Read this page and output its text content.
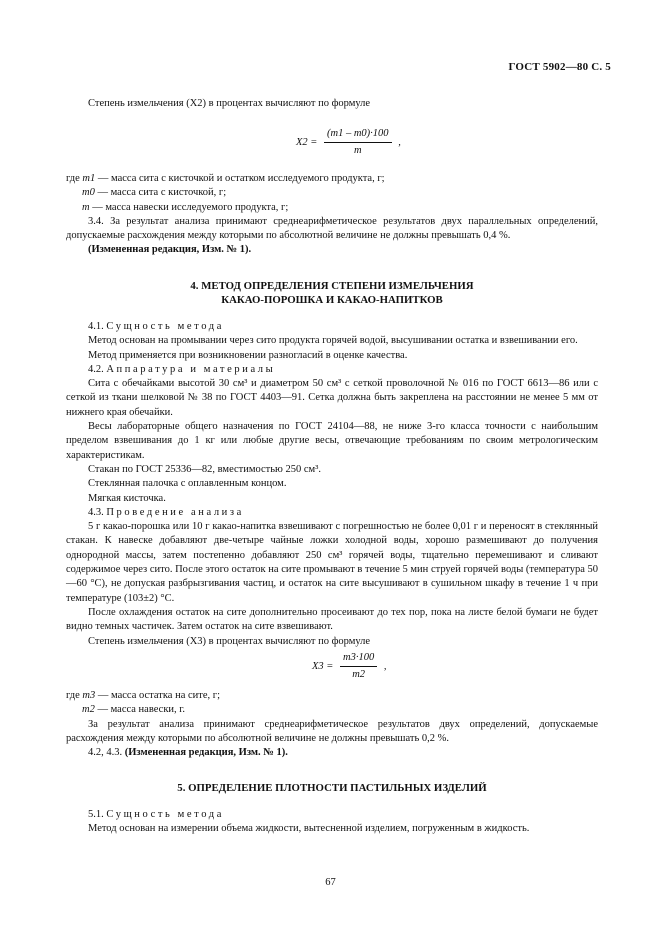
ГОСТ 5902—80 С. 5

Степень измельчения (X2) в процентах вычисляют по формуле

$X2 = \frac{(m1 - m0)\cdot 100}{m}$ ,

где m1 — масса сита с кисточкой и остатком исследуемого продукта, г;

m0 — масса сита с кисточкой, г;

m — масса навески исследуемого продукта, г;

3.4. За результат анализа принимают среднеарифметическое результатов двух параллельных определений, допускаемые расхождения между которыми по абсолютной величине не должны превышать 0,4 %.

(Измененная редакция, Изм. № 1).

4. МЕТОД ОПРЕДЕЛЕНИЯ СТЕПЕНИ ИЗМЕЛЬЧЕНИЯ
КАКАО-ПОРОШКА И КАКАО-НАПИТКОВ

4.1. Сущность метода

Метод основан на промывании через сито продукта горячей водой, высушивании остатка и взвешивании его.

Метод применяется при возникновении разногласий в оценке качества.

4.2. Аппаратура и материалы

Сита с обечайками высотой 30 см³ и диаметром 50 см³ с сеткой проволочной № 016 по ГОСТ 6613—86 или с сеткой из ткани шелковой № 38 по ГОСТ 4403—91. Сетка должна быть закреплена на расстоянии не менее 5 мм от нижнего края обечайки.

Весы лабораторные общего назначения по ГОСТ 24104—88, не ниже 3-го класса точности с наибольшим пределом взвешивания до 1 кг или любые другие весы, отвечающие требованиям по своим метрологическим характеристикам.

Стакан по ГОСТ 25336—82, вместимостью 250 см³.

Стеклянная палочка с оплавленным концом.

Мягкая кисточка.

4.3. Проведение анализа

5 г какао-порошка или 10 г какао-напитка взвешивают с погрешностью не более 0,01 г и переносят в стеклянный стакан. К навеске добавляют две-четыре чайные ложки холодной воды, хорошо размешивают до получения однородной массы, затем постепенно добавляют 250 см³ горячей воды, тщательно перемешивают и сливают содержимое через сито. После этого остаток на сите промывают в течение 5 мин струей горячей воды (температура 50—60 °C), не допуская разбрызгивания частиц, и остаток на сите высушивают в сушильном шкафу в течение 1 ч при температуре (103±2) °C.

После охлаждения остаток на сите дополнительно просеивают до тех пор, пока на листе белой бумаги не будет видно темных частичек. Затем остаток на сите взвешивают.

Степень измельчения (X3) в процентах вычисляют по формуле

$X3 = \frac{m3\cdot 100}{m2}$ ,

где m3 — масса остатка на сите, г;

m2 — масса навески, г.

За результат анализа принимают среднеарифметическое результатов двух определений, допускаемые расхождения между которыми по абсолютной величине не должны превышать 0,2 %.

4.2, 4.3. (Измененная редакция, Изм. № 1).

5. ОПРЕДЕЛЕНИЕ ПЛОТНОСТИ ПАСТИЛЬНЫХ ИЗДЕЛИЙ

5.1. Сущность метода

Метод основан на измерении объема жидкости, вытесненной изделием, погруженным в жидкость.

67
